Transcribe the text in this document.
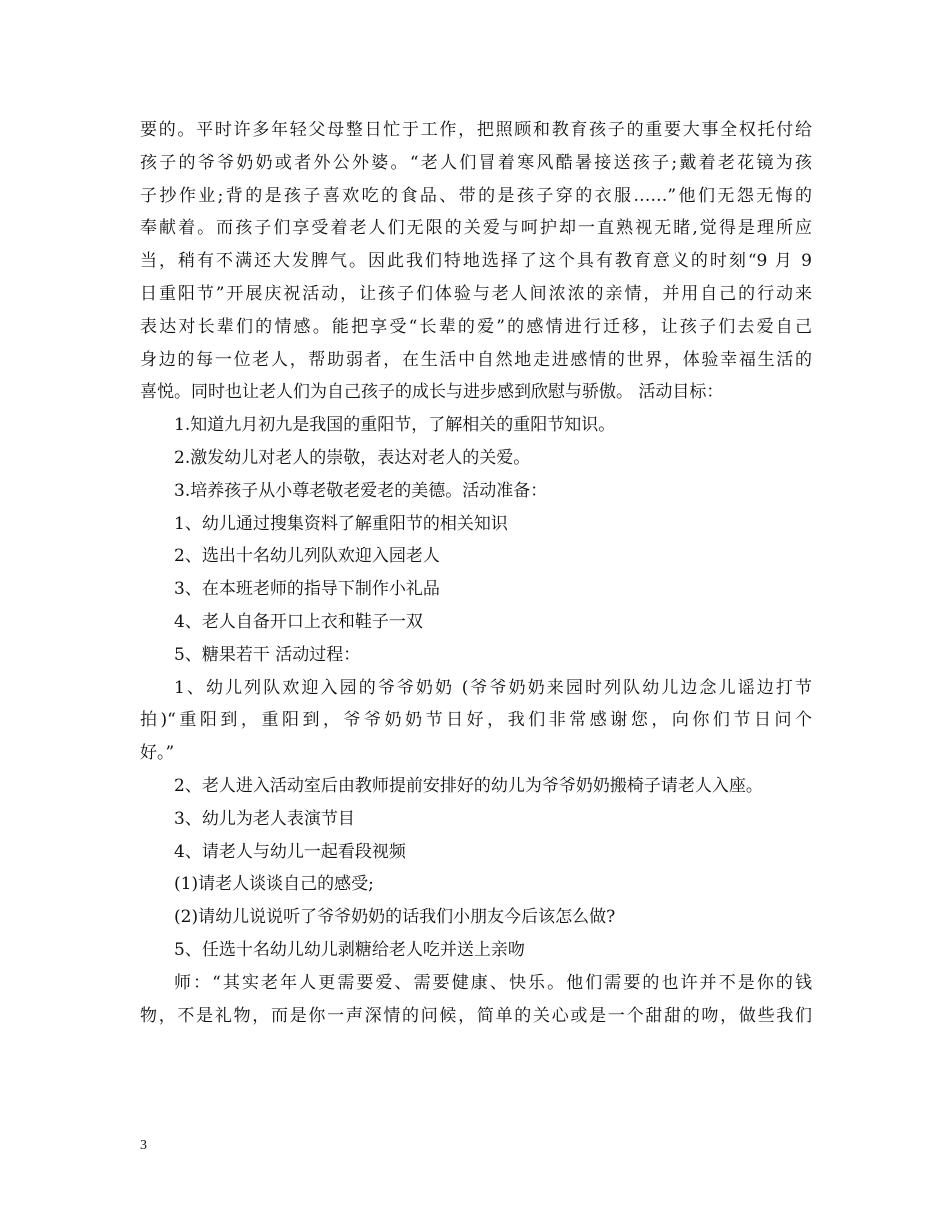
要的。平时许多年轻父母整日忙于工作，把照顾和教育孩子的重要大事全权托付给
孩子的爷爷奶奶或者外公外婆。“老人们冒着寒风酷暑接送孩子;戴着老花镜为孩
子抄作业;背的是孩子喜欢吃的食品、带的是孩子穿的衣服……”他们无怨无悔的
奉献着。而孩子们享受着老人们无限的关爱与呵护却一直熟视无睹,觉得是理所应
当，稍有不满还大发脾气。因此我们特地选择了这个具有教育意义的时刻“9 月 9
日重阳节”开展庆祝活动，让孩子们体验与老人间浓浓的亲情，并用自己的行动来
表达对长辈们的情感。能把享受“长辈的爱”的感情进行迁移，让孩子们去爱自己
身边的每一位老人，帮助弱者，在生活中自然地走进感情的世界，体验幸福生活的
喜悦。同时也让老人们为自己孩子的成长与进步感到欣慰与骄傲。 活动目标：
1.知道九月初九是我国的重阳节，了解相关的重阳节知识。
2.激发幼儿对老人的崇敬，表达对老人的关爱。
3.培养孩子从小尊老敬老爱老的美德。活动准备：
1、幼儿通过搜集资料了解重阳节的相关知识
2、选出十名幼儿列队欢迎入园老人
3、在本班老师的指导下制作小礼品
4、老人自备开口上衣和鞋子一双
5、糖果若干 活动过程：
1、幼儿列队欢迎入园的爷爷奶奶 (爷爷奶奶来园时列队幼儿边念儿谣边打节
拍)“重阳到，重阳到，爷爷奶奶节日好，我们非常感谢您，向你们节日问个
好。”
2、老人进入活动室后由教师提前安排好的幼儿为爷爷奶奶搬椅子请老人入座。
3、幼儿为老人表演节目
4、请老人与幼儿一起看段视频
(1)请老人谈谈自己的感受;
(2)请幼儿说说听了爷爷奶奶的话我们小朋友今后该怎么做?
5、任选十名幼儿幼儿剥糖给老人吃并送上亲吻
师：“其实老年人更需要爱、需要健康、快乐。他们需要的也许并不是你的钱
物，不是礼物，而是你一声深情的问候，简单的关心或是一个甜甜的吻，做些我们
3
